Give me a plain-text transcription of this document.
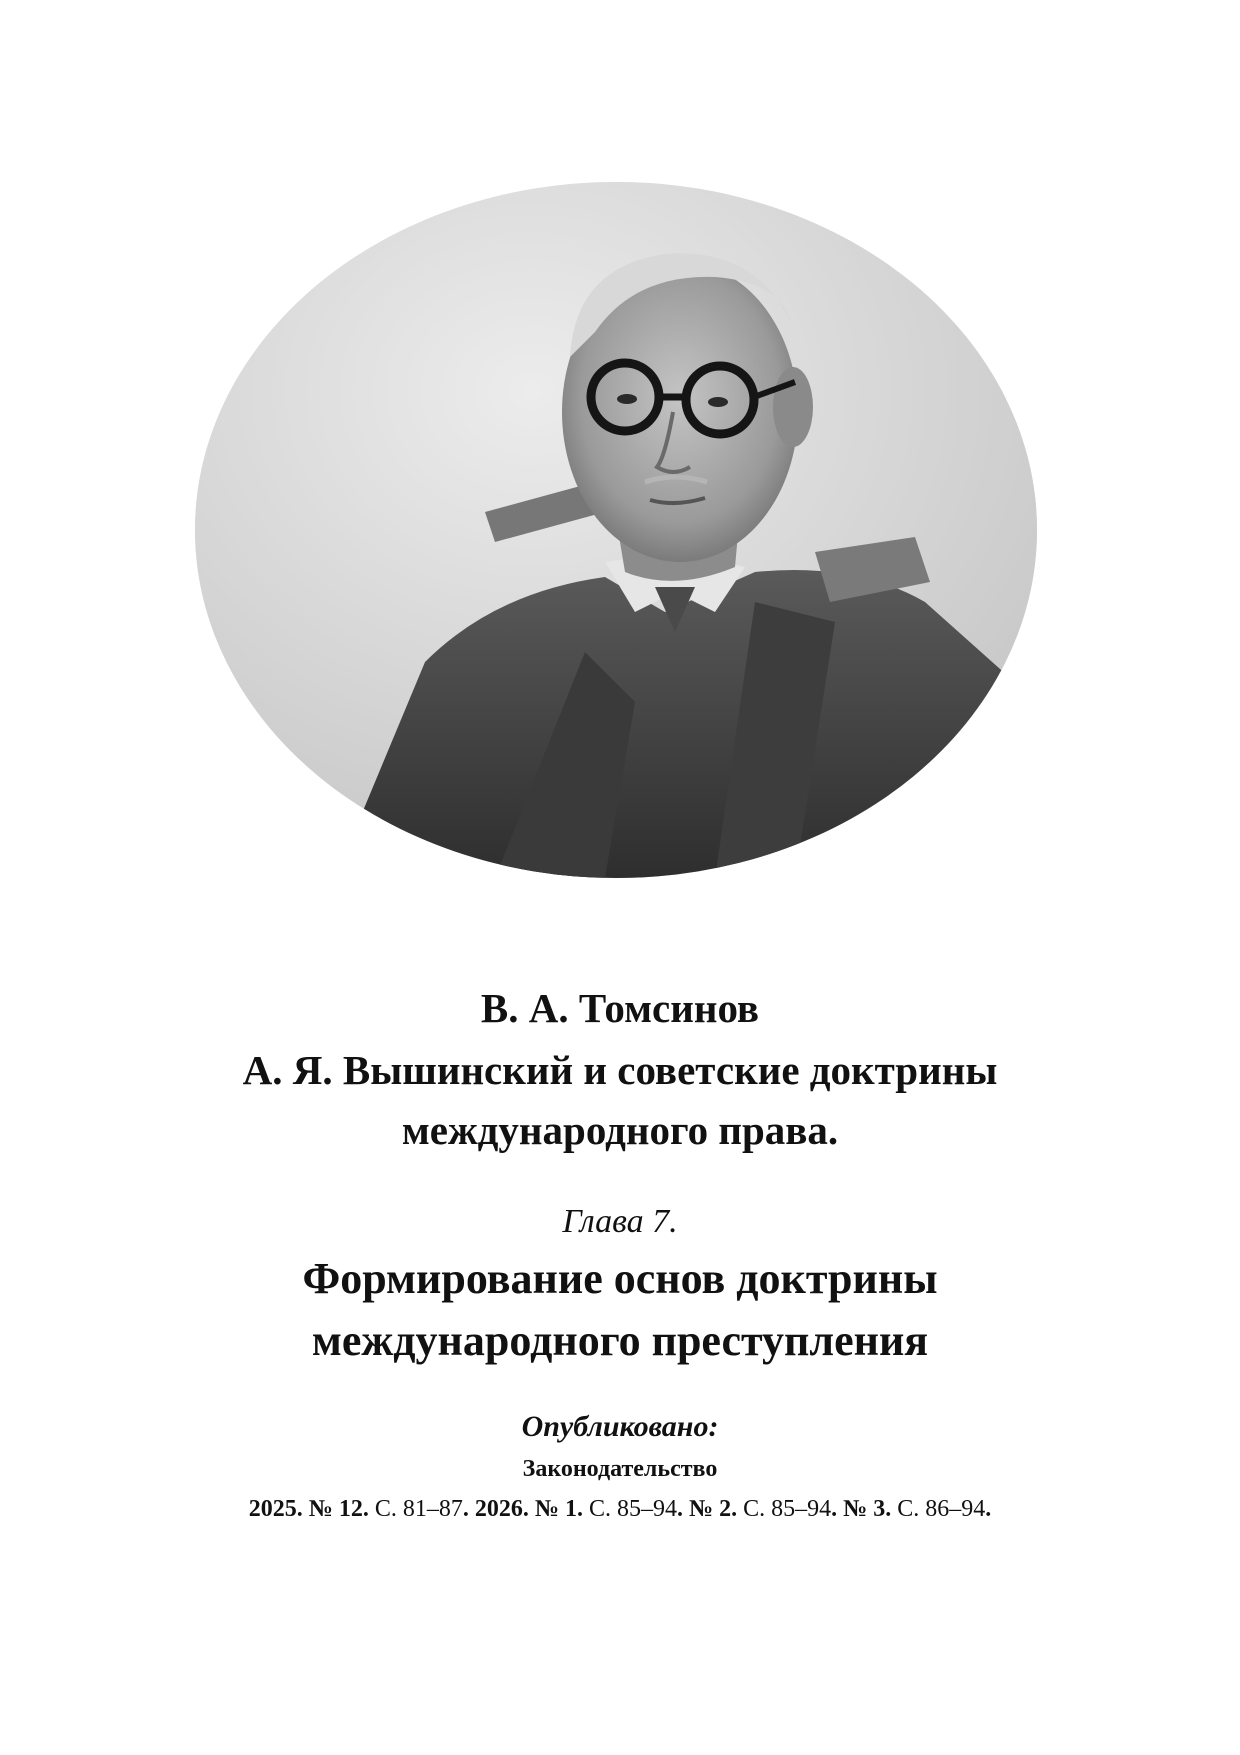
В. А. Томсинов
А. Я. Вышинский и советские доктрины
международного права.
Глава 7.
Формирование основ доктрины
международного преступления
Опубликовано:
Законодательство
2025. № 12. С. 81–87. 2026. № 1. С. 85–94. № 2. С. 85–94. № 3. С. 86–94.
